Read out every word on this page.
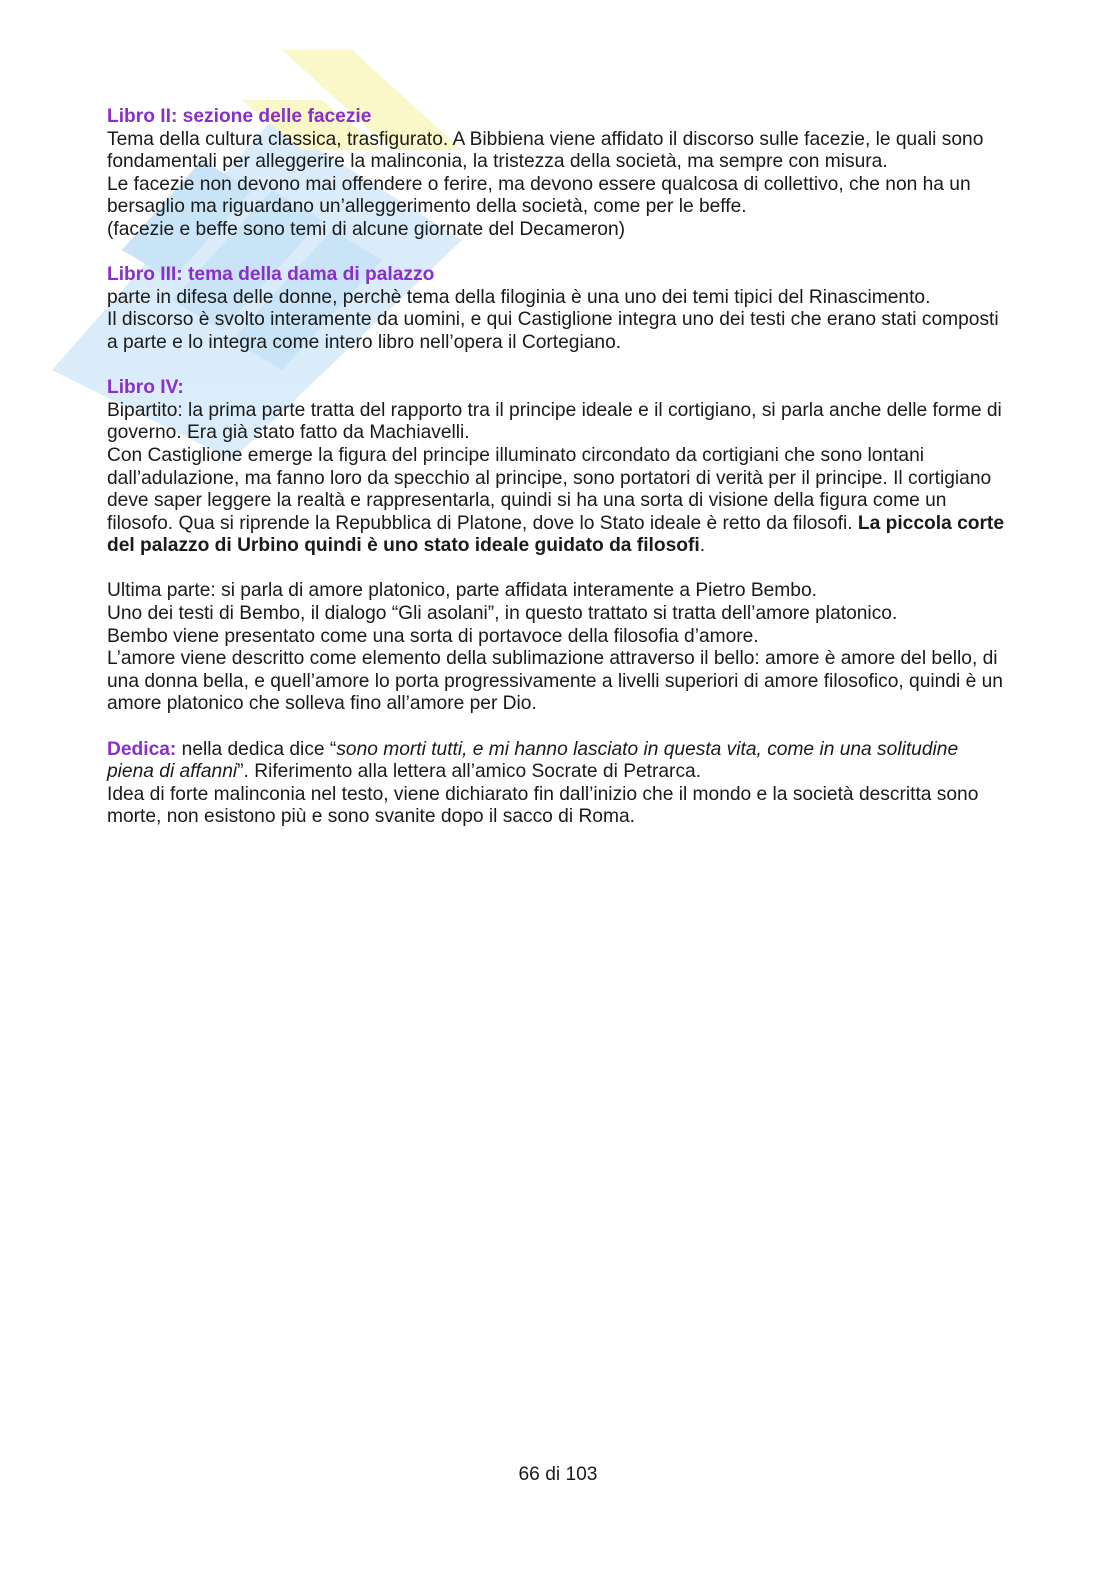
Libro II: sezione delle facezie

Tema della cultura classica, trasfigurato. A Bibbiena viene affidato il discorso sulle facezie, le quali sono fondamentali per alleggerire la malinconia, la tristezza della società, ma sempre con misura.

Le facezie non devono mai offendere o ferire, ma devono essere qualcosa di collettivo, che non ha un bersaglio ma riguardano un’alleggerimento della società, come per le beffe.

(facezie e beffe sono temi di alcune giornate del Decameron)

Libro III: tema della dama di palazzo

parte in difesa delle donne, perchè tema della filoginia è una uno dei temi tipici del Rinascimento.

Il discorso è svolto interamente da uomini, e qui Castiglione integra uno dei testi che erano stati composti a parte e lo integra come intero libro nell’opera il Cortegiano.

Libro IV:

Bipartito: la prima parte tratta del rapporto tra il principe ideale e il cortigiano, si parla anche delle forme di governo. Era già stato fatto da Machiavelli.

Con Castiglione emerge la figura del principe illuminato circondato da cortigiani che sono lontani dall’adulazione, ma fanno loro da specchio al principe, sono portatori di verità per il principe. Il cortigiano deve saper leggere la realtà e rappresentarla, quindi si ha una sorta di visione della figura come un filosofo. Qua si riprende la Repubblica di Platone, dove lo Stato ideale è retto da filosofi. La piccola corte del palazzo di Urbino quindi è uno stato ideale guidato da filosofi.

Ultima parte: si parla di amore platonico, parte affidata interamente a Pietro Bembo.

Uno dei testi di Bembo, il dialogo “Gli asolani”, in questo trattato si tratta dell’amore platonico.

Bembo viene presentato come una sorta di portavoce della filosofia d’amore.

L’amore viene descritto come elemento della sublimazione attraverso il bello: amore è amore del bello, di una donna bella, e quell’amore lo porta progressivamente a livelli superiori di amore filosofico, quindi è un amore platonico che solleva fino all’amore per Dio.

Dedica: nella dedica dice “sono morti tutti, e mi hanno lasciato in questa vita, come in una solitudine piena di affanni”. Riferimento alla lettera all’amico Socrate di Petrarca.

Idea di forte malinconia nel testo, viene dichiarato fin dall’inizio che il mondo e la società descritta sono morte, non esistono più e sono svanite dopo il sacco di Roma.

66 di 103
